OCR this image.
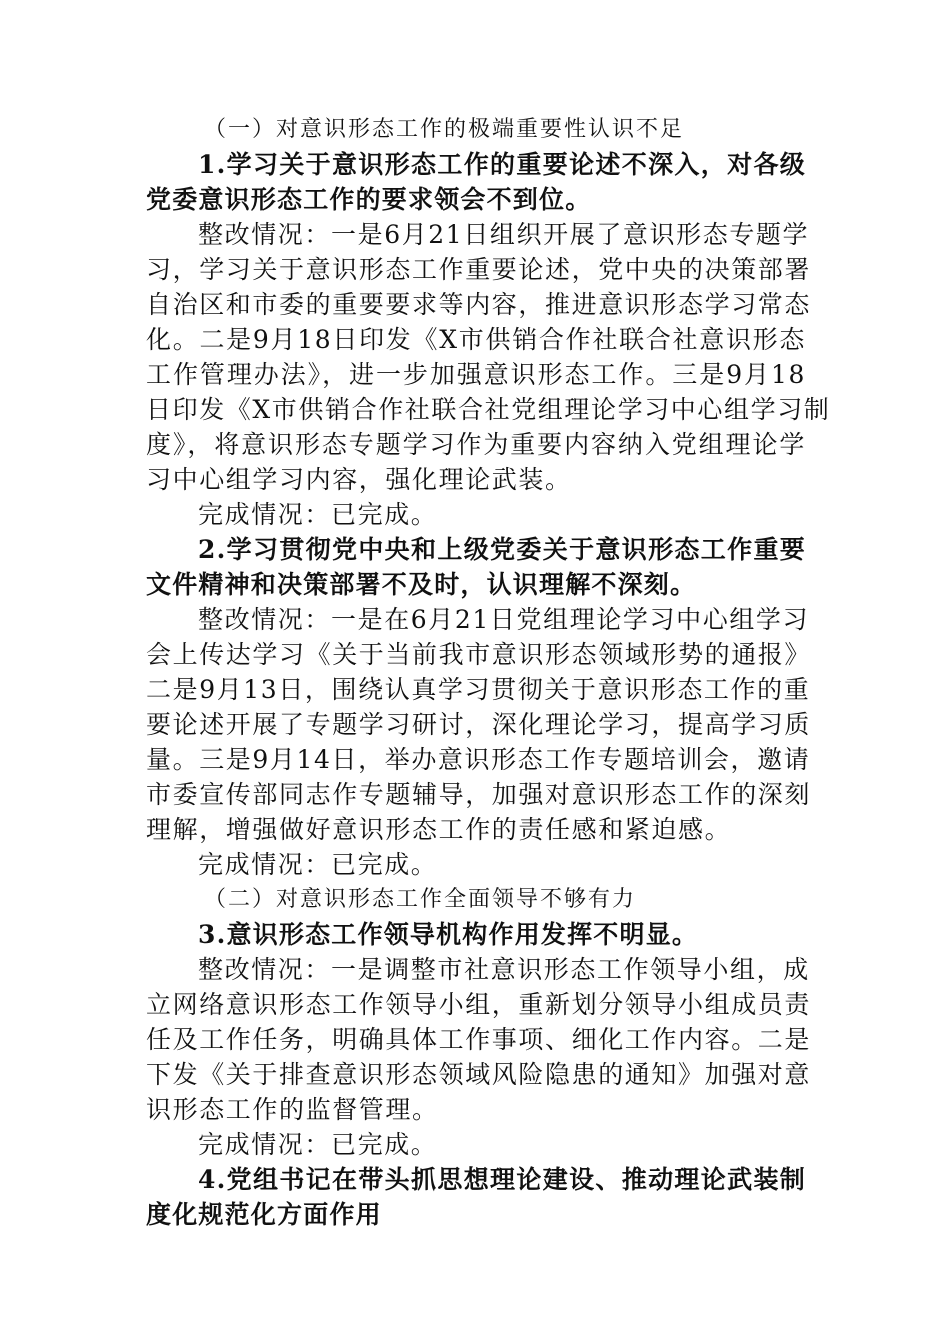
（一）对意识形态工作的极端重要性认识不足
1.学习关于意识形态工作的重要论述不深入，对各级
党委意识形态工作的要求领会不到位。
整改情况：一是6月21日组织开展了意识形态专题学
习，学习关于意识形态工作重要论述，党中央的决策部署
自治区和市委的重要要求等内容，推进意识形态学习常态
化。二是9月18日印发《X市供销合作社联合社意识形态
工作管理办法》，进一步加强意识形态工作。三是9月18
日印发《X市供销合作社联合社党组理论学习中心组学习制
度》，将意识形态专题学习作为重要内容纳入党组理论学
习中心组学习内容，强化理论武装。
完成情况：已完成。
2.学习贯彻党中央和上级党委关于意识形态工作重要
文件精神和决策部署不及时，认识理解不深刻。
整改情况：一是在6月21日党组理论学习中心组学习
会上传达学习《关于当前我市意识形态领域形势的通报》
二是9月13日，围绕认真学习贯彻关于意识形态工作的重
要论述开展了专题学习研讨，深化理论学习，提高学习质
量。三是9月14日，举办意识形态工作专题培训会，邀请
市委宣传部同志作专题辅导，加强对意识形态工作的深刻
理解，增强做好意识形态工作的责任感和紧迫感。
完成情况：已完成。
（二）对意识形态工作全面领导不够有力
3.意识形态工作领导机构作用发挥不明显。
整改情况：一是调整市社意识形态工作领导小组，成
立网络意识形态工作领导小组，重新划分领导小组成员责
任及工作任务，明确具体工作事项、细化工作内容。二是
下发《关于排查意识形态领域风险隐患的通知》加强对意
识形态工作的监督管理。
完成情况：已完成。
4.党组书记在带头抓思想理论建设、推动理论武装制
度化规范化方面作用
